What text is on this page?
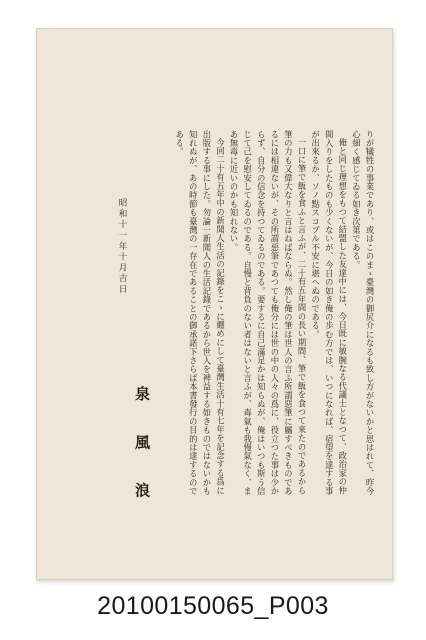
りが犠牲の事業であり、或はこのまゝ臺灣の御尻介になるも致し方がないかと思はれて、昨今心細く感じてゐる如き次第である。

俺と同じ理想をもつて結盟した友達中には、今日既に敏腕なる代議士となつて、政治家の仲間入りをしたものも少くないが、今日の如き俺の歩む方では、いつになれば、宿望を達する事が出來るか、ソノ點スコブル不安に堪へぬのである。

一口に筆で飯を食ふと言ふが、二十有五年間の長い期間、筆で飯を食つて來たのであるから筆の力も又偉大なりと言はねばならぬ。然し俺の筆は世人の言ふ所謂惡筆に屬すべきものであるには相違ないが、その所謂惡筆であつても俺分には世の中の人々の爲に、役立つた事は少からず、自分の信念を持つてゐるのである。要するに自己滿足かは知らぬが、俺はいつも斯う信じて己を慰安してゐるのである。自慢と背負のない者はないと言ふが、毒氣も我慢氣なく、まあ無毒に近いのかも知れない。

今回二十有五年中の新聞人生活の記錄をこゝに纒めにして臺灣生活十有七年を記念する爲に出版する事にした。勿論一新聞人の生活記錄であるから世人を裨益する如きものではないかも知れぬが、あの時節も臺灣の一存在であることの御承諾下さらば本書發行の目的は達するのである。

昭和十一年十月吉日
泉 風 浪
20100150065_P003
